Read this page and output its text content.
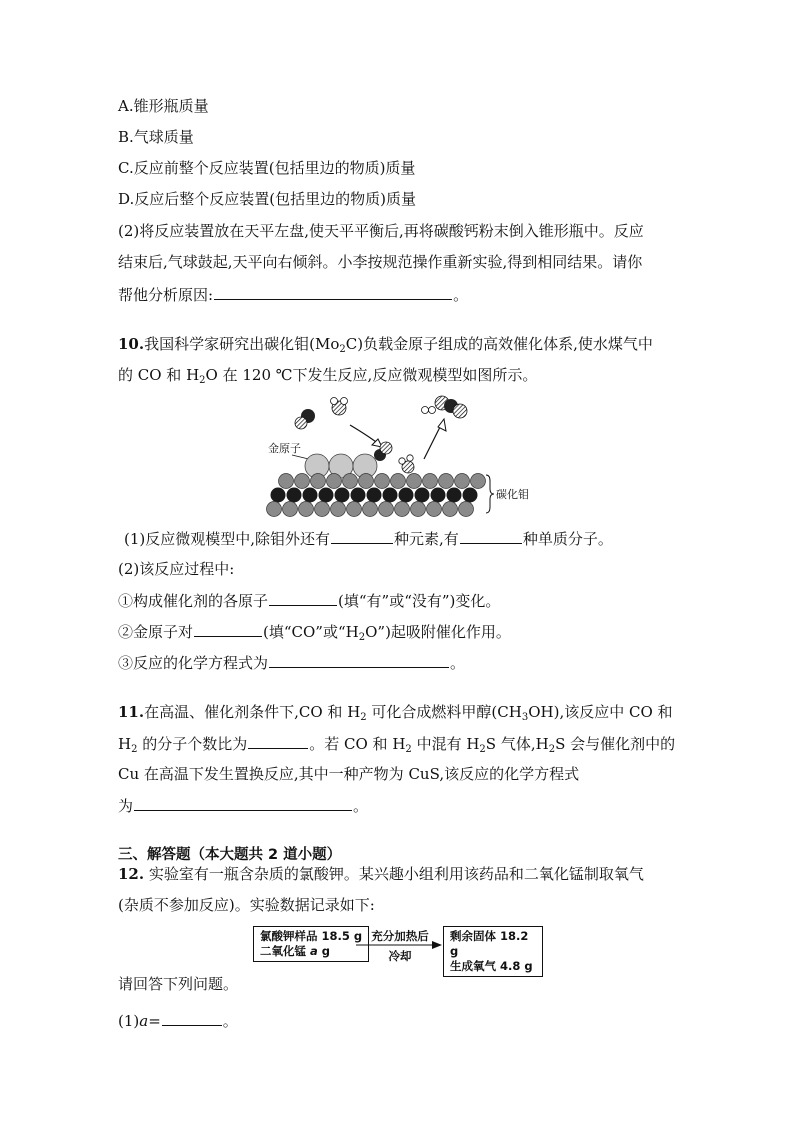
A.锥形瓶质量
B.气球质量
C.反应前整个反应装置(包括里边的物质)质量
D.反应后整个反应装置(包括里边的物质)质量
(2)将反应装置放在天平左盘,使天平平衡后,再将碳酸钙粉末倒入锥形瓶中。反应
结束后,气球鼓起,天平向右倾斜。小李按规范操作重新实验,得到相同结果。请你
帮他分析原因:	。
10.我国科学家研究出碳化钼$(Mo_2C)$负载金原子组成的高效催化体系,使水煤气中
的 CO 和 $H_2O$ 在 120 ℃下发生反应,反应微观模型如图所示。
金原子
碳化钼
(1)反应微观模型中,除钼外还有	种元素,有	种单质分子。
(2)该反应过程中:
①构成催化剂的各原子	(填“有”或“没有”)变化。
②金原子对	(填“CO”或“$H_2O$”)起吸附催化作用。
③反应的化学方程式为	。
11.在高温、催化剂条件下,CO 和 $H_2$ 可化合成燃料甲醇$(CH_3OH)$,该反应中 CO 和
$H_2$ 的分子个数比为	。若 CO 和 $H_2$ 中混有 $H_2S$ 气体$,H_2S$ 会与催化剂中的
Cu 在高温下发生置换反应,其中一种产物为 CuS,该反应的化学方程式
为	。
三、解答题（本大题共 2 道小题）
12. 实验室有一瓶含杂质的氯酸钾。某兴趣小组利用该药品和二氧化锰制取氧气
(杂质不参加反应)。实验数据记录如下:
氯酸钾样品 18.5 g
二氧化锰 a g
充分加热后
冷却
剩余固体 18.2 g
生成氧气 4.8 g
请回答下列问题。
(1)a=	。
